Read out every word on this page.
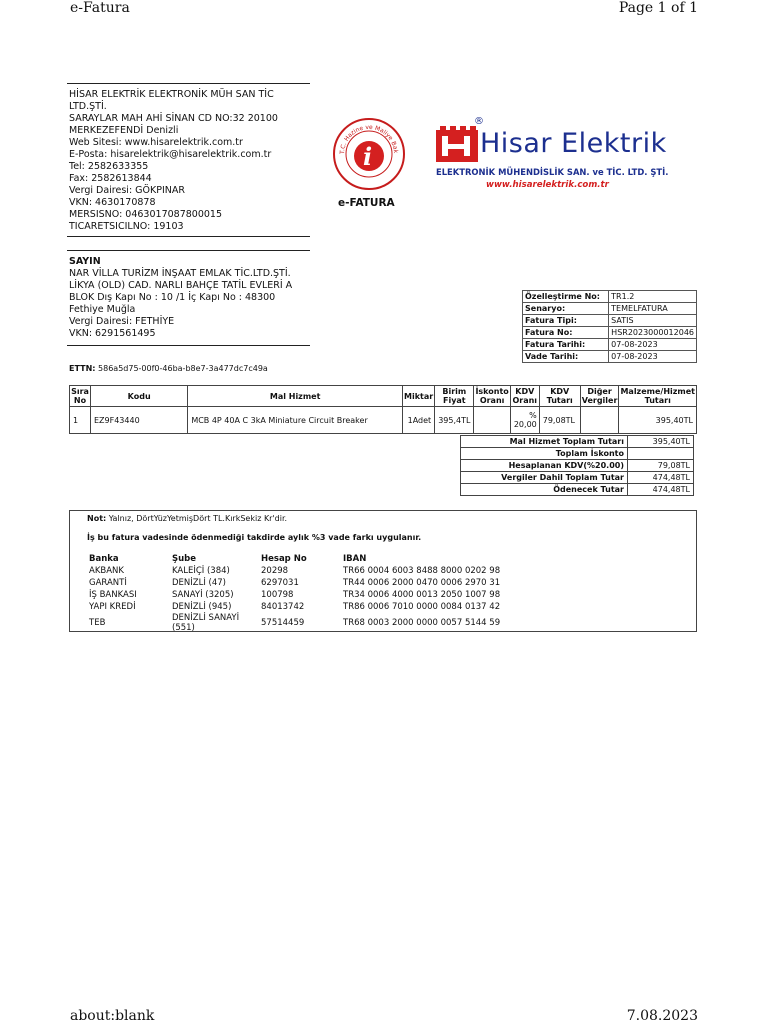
e-Fatura	Page 1 of 1
about:blank	7.08.2023
HİSAR ELEKTRİK ELEKTRONİK MÜH SAN TİC
LTD.ŞTİ.
SARAYLAR MAH AHİ SİNAN CD NO:32 20100
MERKEZEFENDİ Denizli
Web Sitesi: www.hisarelektrik.com.tr
E-Posta: hisarelektrik@hisarelektrik.com.tr
Tel: 2582633355
Fax: 2582613844
Vergi Dairesi: GÖKPINAR
VKN: 4630170878
MERSISNO: 0463017087800015
TICARETSICILNO: 19103
T.C. Hazine ve Maliye Bak
i
e-FATURA
®
Hisar Elektrik
ELEKTRONİK MÜHENDİSLİK SAN. ve TİC. LTD. ŞTİ.
www.hisarelektrik.com.tr
SAYIN
NAR VİLLA TURİZM İNŞAAT EMLAK TİC.LTD.ŞTİ.
LİKYA (OLD) CAD. NARLI BAHÇE TATİL EVLERİ A
BLOK Dış Kapı No : 10 /1 İç Kapı No : 48300
Fethiye Muğla
Vergi Dairesi: FETHİYE
VKN: 6291561495
Özelleştirme No:	TR1.2
Senaryo:	TEMELFATURA
Fatura Tipi:	SATIS
Fatura No:	HSR2023000012046
Fatura Tarihi:	07-08-2023
Vade Tarihi:	07-08-2023
ETTN: 586a5d75-00f0-46ba-b8e7-3a477dc7c49a
Sıra No	Kodu	Mal Hizmet	Miktar	Birim Fiyat	İskonto Oranı	KDV Oranı	KDV Tutarı	Diğer Vergiler	Malzeme/Hizmet Tutarı
1	EZ9F43440	MCB 4P 40A C 3kA Miniature Circuit Breaker	1Adet	395,4TL		% 20,00	79,08TL		395,40TL
Mal Hizmet Toplam Tutarı	395,40TL
Toplam İskonto	
Hesaplanan KDV(%20.00)	79,08TL
Vergiler Dahil Toplam Tutar	474,48TL
Ödenecek Tutar	474,48TL
Not: Yalnız, DörtYüzYetmişDört TL.KırkSekiz Kr'dir.
İş bu fatura vadesinde ödenmediği takdirde aylık %3 vade farkı uygulanır.
Banka	Şube	Hesap No	IBAN
AKBANK	KALEİÇİ (384)	20298	TR66 0004 6003 8488 8000 0202 98
GARANTİ	DENİZLİ (47)	6297031	TR44 0006 2000 0470 0006 2970 31
İŞ BANKASI	SANAYİ (3205)	100798	TR34 0006 4000 0013 2050 1007 98
YAPI KREDİ	DENİZLİ (945)	84013742	TR86 0006 7010 0000 0084 0137 42
TEB	DENİZLİ SANAYİ (551)	57514459	TR68 0003 2000 0000 0057 5144 59
